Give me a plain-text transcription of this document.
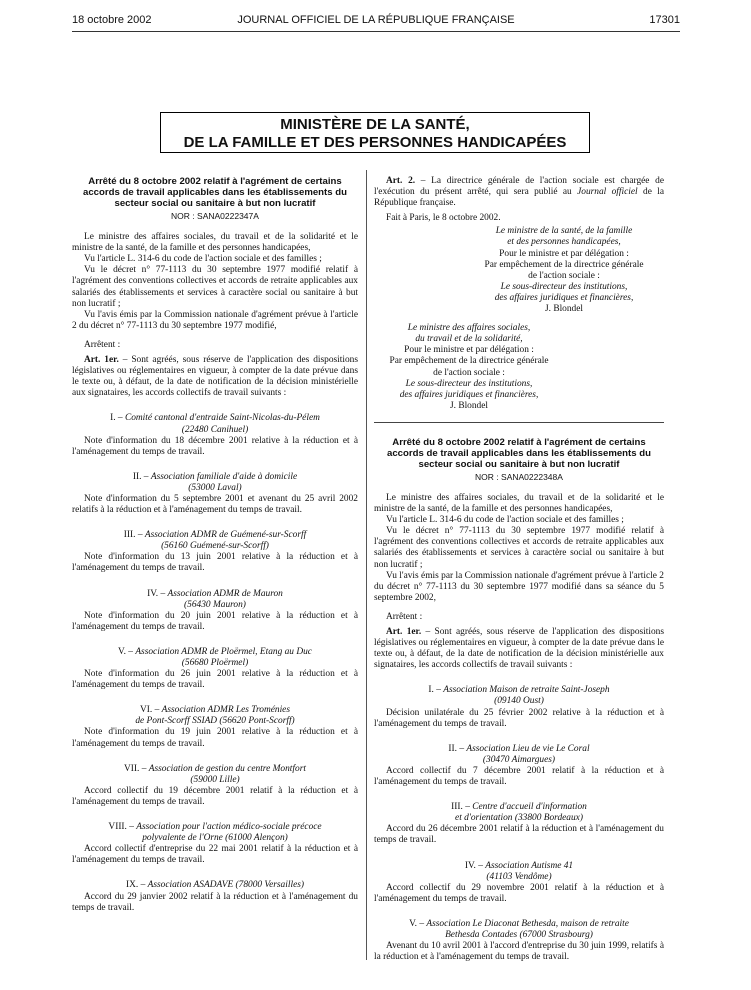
18 octobre 2002	JOURNAL OFFICIEL DE LA RÉPUBLIQUE FRANÇAISE	17301
MINISTÈRE DE LA SANTÉ,
DE LA FAMILLE ET DES PERSONNES HANDICAPÉES

Arrêté du 8 octobre 2002 relatif à l'agrément de certains accords de travail applicables dans les établissements du secteur social ou sanitaire à but non lucratif

NOR : SANA0222347A

Le ministre des affaires sociales, du travail et de la solidarité et le ministre de la santé, de la famille et des personnes handicapées,

Vu l'article L. 314-6 du code de l'action sociale et des familles ;

Vu le décret n° 77-1113 du 30 septembre 1977 modifié relatif à l'agrément des conventions collectives et accords de retraite applicables aux salariés des établissements et services à caractère social ou sanitaire à but non lucratif ;

Vu l'avis émis par la Commission nationale d'agrément prévue à l'article 2 du décret n° 77-1113 du 30 septembre 1977 modifié,

Arrêtent :

Art. 1er. – Sont agréés, sous réserve de l'application des dispositions législatives ou réglementaires en vigueur, à compter de la date prévue dans le texte ou, à défaut, de la date de notification de la décision ministérielle aux signataires, les accords collectifs de travail suivants :

I. – Comité cantonal d'entraide Saint-Nicolas-du-Pélem
(22480 Canihuel)

Note d'information du 18 décembre 2001 relative à la réduction et à l'aménagement du temps de travail.

II. – Association familiale d'aide à domicile
(53000 Laval)

Note d'information du 5 septembre 2001 et avenant du 25 avril 2002 relatifs à la réduction et à l'aménagement du temps de travail.

III. – Association ADMR de Guémené-sur-Scorff
(56160 Guémené-sur-Scorff)

Note d'information du 13 juin 2001 relative à la réduction et à l'aménagement du temps de travail.

IV. – Association ADMR de Mauron
(56430 Mauron)

Note d'information du 20 juin 2001 relative à la réduction et à l'aménagement du temps de travail.

V. – Association ADMR de Ploërmel, Etang au Duc
(56680 Ploërmel)

Note d'information du 26 juin 2001 relative à la réduction et à l'aménagement du temps de travail.

VI. – Association ADMR Les Troménies
de Pont-Scorff SSIAD (56620 Pont-Scorff)

Note d'information du 19 juin 2001 relative à la réduction et à l'aménagement du temps de travail.

VII. – Association de gestion du centre Montfort
(59000 Lille)

Accord collectif du 19 décembre 2001 relatif à la réduction et à l'aménagement du temps de travail.

VIII. – Association pour l'action médico-sociale précoce
polyvalente de l'Orne (61000 Alençon)

Accord collectif d'entreprise du 22 mai 2001 relatif à la réduction et à l'aménagement du temps de travail.

IX. – Association ASADAVE (78000 Versailles)

Accord du 29 janvier 2002 relatif à la réduction et à l'aménagement du temps de travail.

Art. 2. – La directrice générale de l'action sociale est chargée de l'exécution du présent arrêté, qui sera publié au Journal officiel de la République française.

Fait à Paris, le 8 octobre 2002.

Le ministre de la santé, de la famille

et des personnes handicapées,

Pour le ministre et par délégation :

Par empêchement de la directrice générale

de l'action sociale :

Le sous-directeur des institutions,

des affaires juridiques et financières,

J. Blondel

Le ministre des affaires sociales,

du travail et de la solidarité,

Pour le ministre et par délégation :

Par empêchement de la directrice générale

de l'action sociale :

Le sous-directeur des institutions,

des affaires juridiques et financières,

J. Blondel

Arrêté du 8 octobre 2002 relatif à l'agrément de certains accords de travail applicables dans les établissements du secteur social ou sanitaire à but non lucratif

NOR : SANA0222348A

Le ministre des affaires sociales, du travail et de la solidarité et le ministre de la santé, de la famille et des personnes handicapées,

Vu l'article L. 314-6 du code de l'action sociale et des familles ;

Vu le décret n° 77-1113 du 30 septembre 1977 modifié relatif à l'agrément des conventions collectives et accords de retraite applicables aux salariés des établissements et services à caractère social ou sanitaire à but non lucratif ;

Vu l'avis émis par la Commission nationale d'agrément prévue à l'article 2 du décret n° 77-1113 du 30 septembre 1977 modifié dans sa séance du 5 septembre 2002,

Arrêtent :

Art. 1er. – Sont agréés, sous réserve de l'application des dispositions législatives ou réglementaires en vigueur, à compter de la date prévue dans le texte ou, à défaut, de la date de notification de la décision ministérielle aux signataires, les accords collectifs de travail suivants :

I. – Association Maison de retraite Saint-Joseph
(09140 Oust)

Décision unilatérale du 25 février 2002 relative à la réduction et à l'aménagement du temps de travail.

II. – Association Lieu de vie Le Coral
(30470 Aimargues)

Accord collectif du 7 décembre 2001 relatif à la réduction et à l'aménagement du temps de travail.

III. – Centre d'accueil d'information
et d'orientation (33800 Bordeaux)

Accord du 26 décembre 2001 relatif à la réduction et à l'aménagement du temps de travail.

IV. – Association Autisme 41
(41103 Vendôme)

Accord collectif du 29 novembre 2001 relatif à la réduction et à l'aménagement du temps de travail.

V. – Association Le Diaconat Bethesda, maison de retraite
Bethesda Contades (67000 Strasbourg)

Avenant du 10 avril 2001 à l'accord d'entreprise du 30 juin 1999, relatifs à la réduction et à l'aménagement du temps de travail.
